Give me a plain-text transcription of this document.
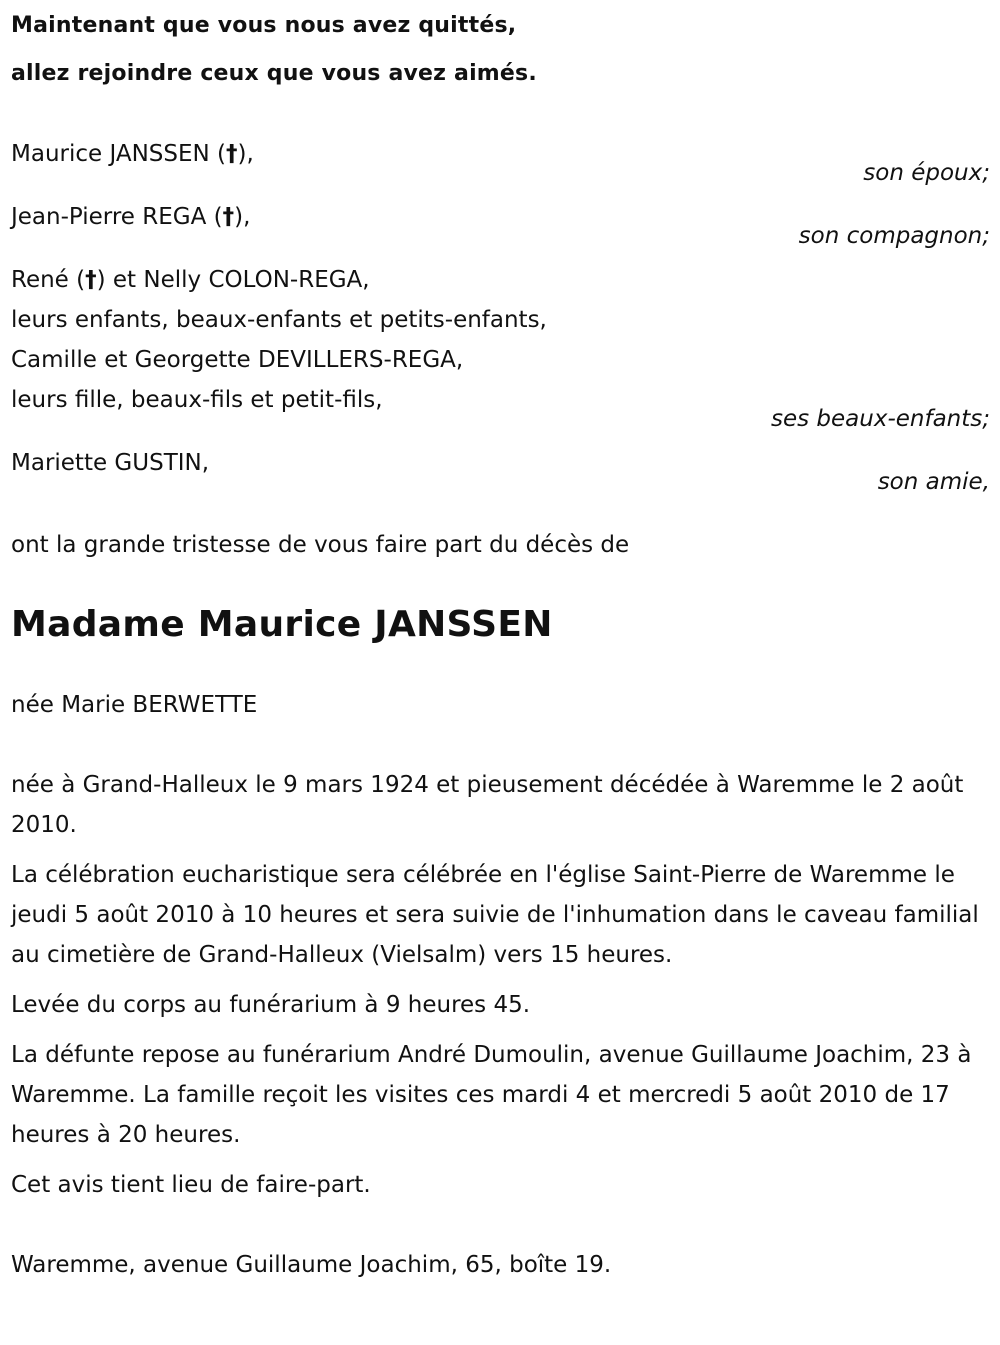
Maintenant que vous nous avez quittés,
allez rejoindre ceux que vous avez aimés.
Maurice JANSSEN (†),
son époux;
Jean-Pierre REGA (†),
son compagnon;
René (†) et Nelly COLON-REGA,
leurs enfants, beaux-enfants et petits-enfants,
Camille et Georgette DEVILLERS-REGA,
leurs fille, beaux-fils et petit-fils,
ses beaux-enfants;
Mariette GUSTIN,
son amie,
ont la grande tristesse de vous faire part du décès de
Madame Maurice JANSSEN
née Marie BERWETTE

née à Grand-Halleux le 9 mars 1924 et pieusement décédée à Waremme le 2 août 2010.

La célébration eucharistique sera célébrée en l'église Saint-Pierre de Waremme le jeudi 5 août 2010 à 10 heures et sera suivie de l'inhumation dans le caveau familial au cimetière de Grand-Halleux (Vielsalm) vers 15 heures.

Levée du corps au funérarium à 9 heures 45.

La défunte repose au funérarium André Dumoulin, avenue Guillaume Joachim, 23 à Waremme. La famille reçoit les visites ces mardi 4 et mercredi 5 août 2010 de 17 heures à 20 heures.

Cet avis tient lieu de faire-part.

Waremme, avenue Guillaume Joachim, 65, boîte 19.
